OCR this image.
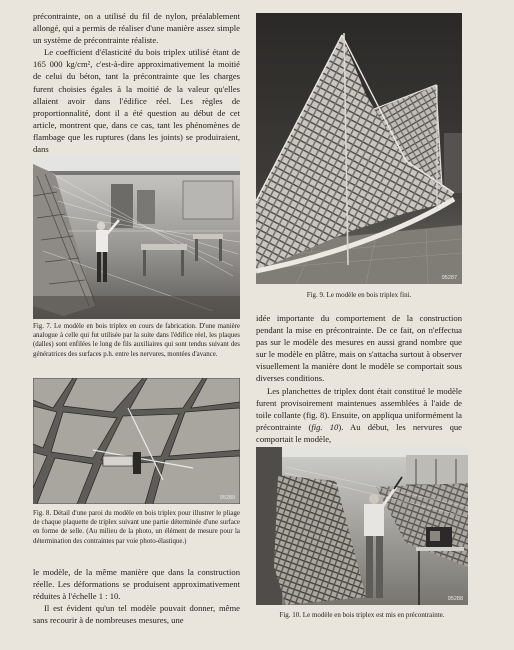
précontrainte, on a utilisé du fil de nylon, préalablement allongé, qui a permis de réaliser d'une manière assez simple un système de précontrainte réaliste.

Le coefficient d'élasticité du bois triplex utilisé étant de 165 000 kg/cm², c'est-à-dire approximativement la moitié de celui du béton, tant la précontrainte que les charges furent choisies égales à la moitié de la valeur qu'elles allaient avoir dans l'édifice réel. Les règles de proportionnalité, dont il a été question au début de cet article, montrent que, dans ce cas, tant les phénomènes de flambage que les ruptures (dans les joints) se produiraient, dans

Fig. 7. Le modèle en bois triplex en cours de fabrication. D'une manière analogue à celle qui fut utilisée par la suite dans l'édifice réel, les plaques (dalles) sont enfilées le long de fils auxiliaires qui sont tendus suivant des génératrices des surfaces p.h. entre les nervures, montées d'avance.

95289

Fig. 8. Détail d'une paroi du modèle en bois triplex pour illustrer le pliage de chaque plaquette de triplex suivant une partie déterminée d'une surface en forme de selle. (Au milieu de la photo, un élément de mesure pour la détermination des contraintes par voie photo-élastique.)

le modèle, de la même manière que dans la construction réelle. Les déformations se produisent approximativement réduites à l'échelle 1 : 10.

Il est évident qu'un tel modèle pouvait donner, même sans recourir à de nombreuses mesures, une

95287

Fig. 9. Le modèle en bois triplex fini.

idée importante du comportement de la construction pendant la mise en précontrainte. De ce fait, on n'effectua pas sur le modèle des mesures en aussi grand nombre que sur le modèle en plâtre, mais on s'attacha surtout à observer visuellement la manière dont le modèle se comportait sous diverses conditions.

Les planchettes de triplex dont était constitué le modèle furent provisoirement maintenues assemblées à l'aide de toile collante (fig. 8). Ensuite, on appliqua uniformément la précontrainte (fig. 10). Au début, les nervures que comportait le modèle,

95288

Fig. 10. Le modèle en bois triplex est mis en précontrainte.
